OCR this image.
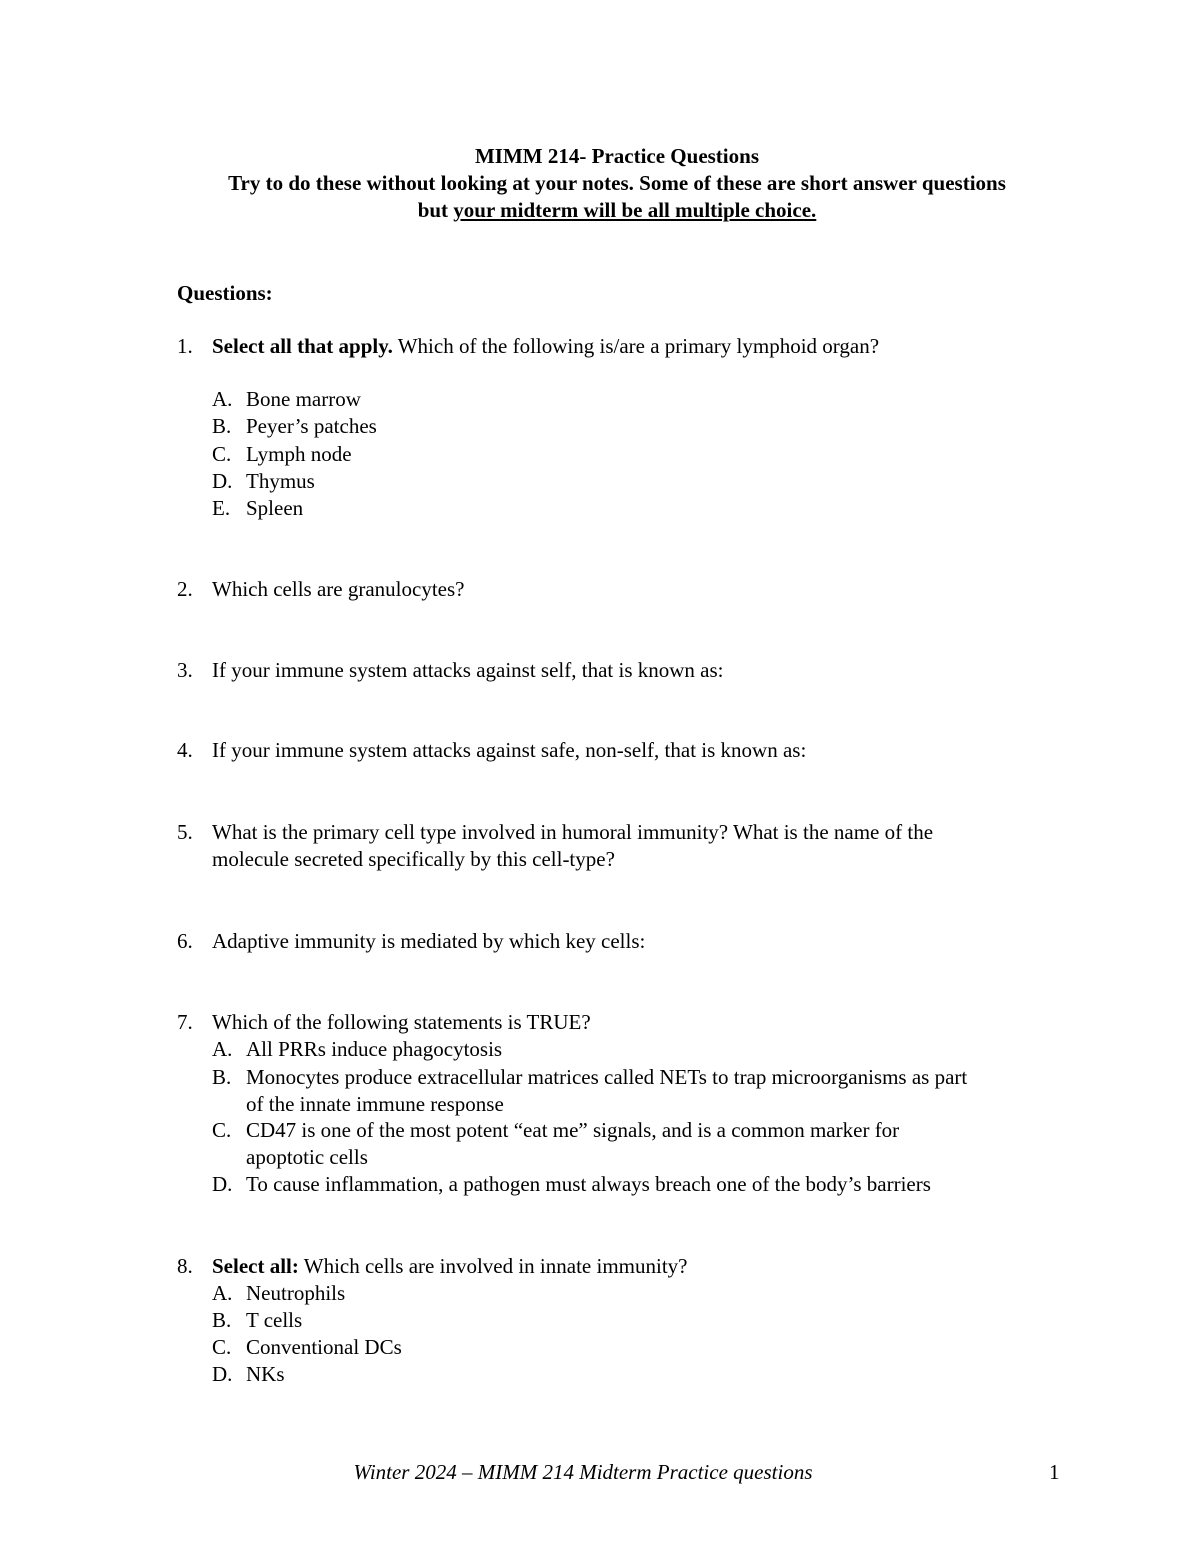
MIMM 214- Practice Questions
Try to do these without looking at your notes. Some of these are short answer questions
but your midterm will be all multiple choice.
Questions:
1. Select all that apply. Which of the following is/are a primary lymphoid organ?
A. Bone marrow
B. Peyer’s patches
C. Lymph node
D. Thymus
E. Spleen
2. Which cells are granulocytes?
3. If your immune system attacks against self, that is known as:
4. If your immune system attacks against safe, non-self, that is known as:
5. What is the primary cell type involved in humoral immunity? What is the name of the
molecule secreted specifically by this cell-type?
6. Adaptive immunity is mediated by which key cells:
7. Which of the following statements is TRUE?
A. All PRRs induce phagocytosis
B. Monocytes produce extracellular matrices called NETs to trap microorganisms as part
of the innate immune response
C. CD47 is one of the most potent “eat me” signals, and is a common marker for
apoptotic cells
D. To cause inflammation, a pathogen must always breach one of the body’s barriers
8. Select all: Which cells are involved in innate immunity?
A. Neutrophils
B. T cells
C. Conventional DCs
D. NKs
Winter 2024 – MIMM 214 Midterm Practice questions	1
